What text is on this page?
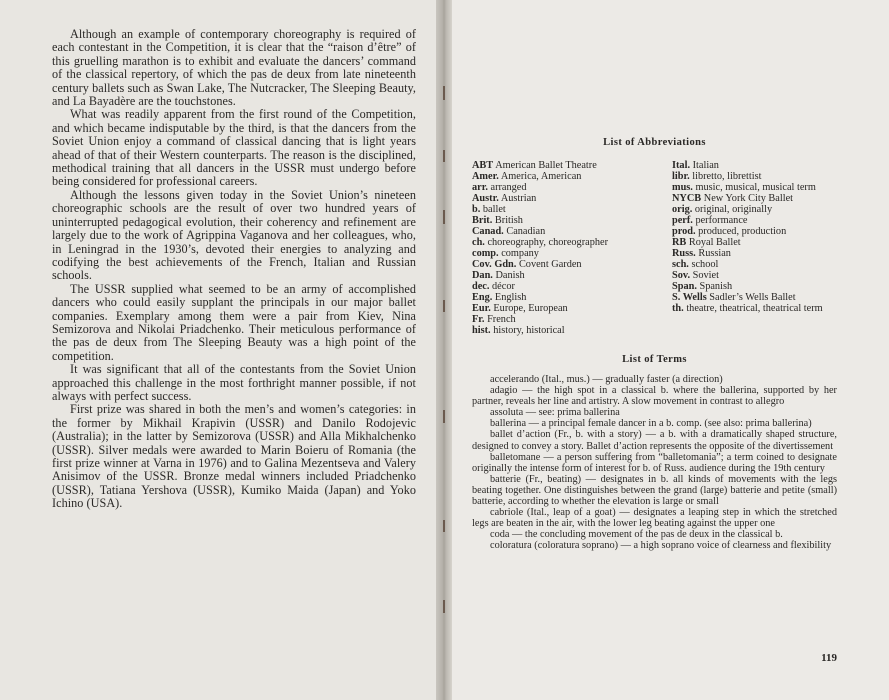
Although an example of contemporary choreography is required of each contestant in the Competition, it is clear that the “raison d’être” of this gruelling marathon is to exhibit and evaluate the dancers’ command of the classical repertory, of which the pas de deux from late nineteenth century ballets such as Swan Lake, The Nutcracker, The Sleeping Beauty, and La Bayadère are the touchstones.

What was readily apparent from the first round of the Competition, and which became indisputable by the third, is that the dancers from the Soviet Union enjoy a command of classical dancing that is light years ahead of that of their Western counterparts. The reason is the disciplined, methodical training that all dancers in the USSR must undergo before being considered for professional careers.

Although the lessons given today in the Soviet Union’s nineteen choreographic schools are the result of over two hundred years of uninterrupted pedagogical evolution, their coherency and refinement are largely due to the work of Agrippina Vaganova and her colleagues, who, in Leningrad in the 1930’s, devoted their energies to analyzing and codifying the best achievements of the French, Italian and Russian schools.

The USSR supplied what seemed to be an army of accomplished dancers who could easily supplant the principals in our major ballet companies. Exemplary among them were a pair from Kiev, Nina Semizorova and Nikolai Priadchenko. Their meticulous performance of the pas de deux from The Sleeping Beauty was a high point of the competition.

It was significant that all of the contestants from the Soviet Union approached this challenge in the most forthright manner possible, if not always with perfect success.

First prize was shared in both the men’s and women’s categories: in the former by Mikhail Krapivin (USSR) and Danilo Rodojevic (Australia); in the latter by Semizorova (USSR) and Alla Mikhalchenko (USSR). Silver medals were awarded to Marin Boieru of Romania (the first prize winner at Varna in 1976) and to Galina Mezentseva and Valery Anisimov of the USSR. Bronze medal winners included Priadchenko (USSR), Tatiana Yershova (USSR), Kumiko Maida (Japan) and Yoko Ichino (USA).

List of Abbreviations
ABT American Ballet Theatre
Amer. America, American
arr. arranged
Austr. Austrian
b. ballet
Brit. British
Canad. Canadian
ch. choreography, choreographer
comp. company
Cov. Gdn. Covent Garden
Dan. Danish
dec. décor
Eng. English
Eur. Europe, European
Fr. French
hist. history, historical
Ital. Italian
libr. libretto, librettist
mus. music, musical, musical term
NYCB New York City Ballet
orig. original, originally
perf. performance
prod. produced, production
RB Royal Ballet
Russ. Russian
sch. school
Sov. Soviet
Span. Spanish
S. Wells Sadler’s Wells Ballet
th. theatre, theatrical, theatrical term
List of Terms

accelerando (Ital., mus.) — gradually faster (a direction)

adagio — the high spot in a classical b. where the ballerina, supported by her partner, reveals her line and artistry. A slow movement in contrast to allegro

assoluta — see: prima ballerina

ballerina — a principal female dancer in a b. comp. (see also: prima ballerina)

ballet d’action (Fr., b. with a story) — a b. with a dramatically shaped structure, designed to convey a story. Ballet d’action represents the opposite of the divertissement

balletomane — a person suffering from “balletomania”; a term coined to designate originally the intense form of interest for b. of Russ. audience during the 19th century

batterie (Fr., beating) — designates in b. all kinds of movements with the legs beating together. One distinguishes between the grand (large) batterie and petite (small) batterie, according to whether the elevation is large or small

cabriole (Ital., leap of a goat) — designates a leaping step in which the stretched legs are beaten in the air, with the lower leg beating against the upper one

coda — the concluding movement of the pas de deux in the classical b.

coloratura (coloratura soprano) — a high soprano voice of clearness and flexibility

119
